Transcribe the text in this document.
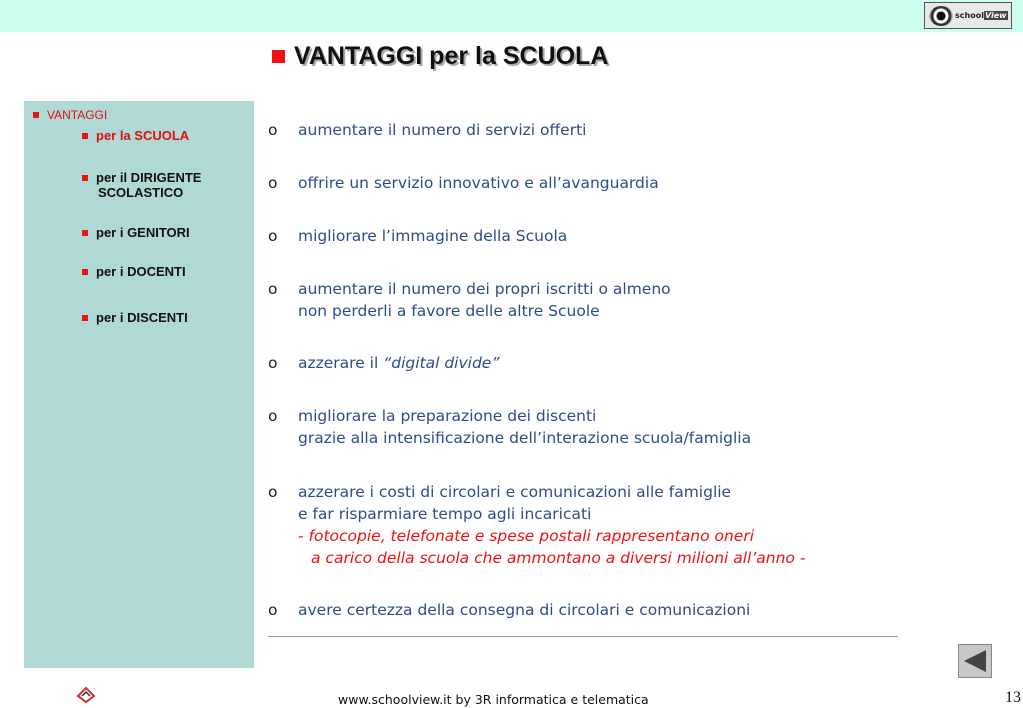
schoolView
VANTAGGI per la SCUOLA
VANTAGGI
per la SCUOLA
per il DIRIGENTE
SCOLASTICO
per i GENITORI
per i DOCENTI
per i DISCENTI
o	aumentare il numero di servizi offerti
o	offrire un servizio innovativo e all’avanguardia
o	migliorare l’immagine della Scuola
o	aumentare il numero dei propri iscritti o almeno
non perderli a favore delle altre Scuole
o	azzerare il “digital divide”
o	migliorare la preparazione dei discenti
grazie alla intensificazione dell’interazione scuola/famiglia
o	azzerare i costi di circolari e comunicazioni alle famiglie
e far risparmiare tempo agli incaricati
- fotocopie, telefonate e spese postali rappresentano oneri
a carico della scuola che ammontano a diversi milioni all’anno -
o	avere certezza della consegna di circolari e comunicazioni
www.schoolview.it by 3R informatica e telematica	13
